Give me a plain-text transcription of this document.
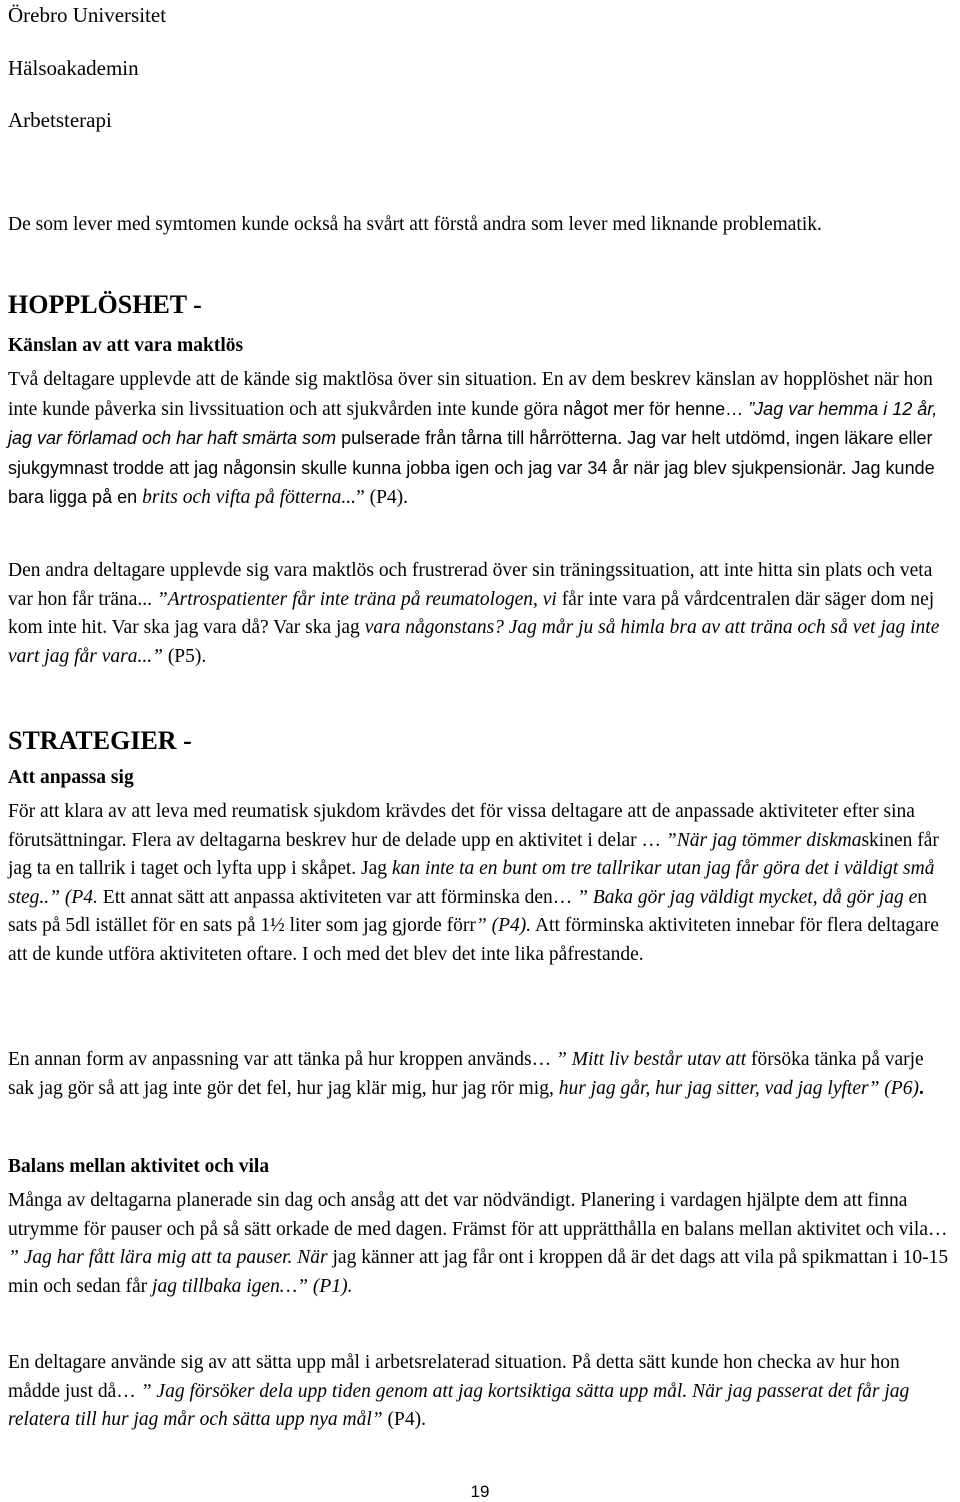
Örebro Universitet
Hälsoakademin
Arbetsterapi
De som lever med symtomen kunde också ha svårt att förstå andra som lever med liknande problematik.
HOPPLÖSHET -
Känslan av att vara maktlös
Två deltagare upplevde att de kände sig maktlösa över sin situation. En av dem beskrev känslan av hopplöshet när hon inte kunde påverka sin livssituation och att sjukvården inte kunde göra något mer för henne… ”Jag var hemma i 12 år, jag var förlamad och har haft smärta som pulserade från tårna till hårrötterna. Jag var helt utdömd, ingen läkare eller sjukgymnast trodde att jag någonsin skulle kunna jobba igen och jag var 34 år när jag blev sjukpensionär. Jag kunde bara ligga på en brits och vifta på fötterna...” (P4).
Den andra deltagare upplevde sig vara maktlös och frustrerad över sin träningssituation, att inte hitta sin plats och veta var hon får träna... ”Artrospatienter får inte träna på reumatologen, vi får inte vara på vårdcentralen där säger dom nej kom inte hit. Var ska jag vara då? Var ska jag vara någonstans? Jag mår ju så himla bra av att träna och så vet jag inte vart jag får vara...” (P5).
STRATEGIER -
Att anpassa sig
För att klara av att leva med reumatisk sjukdom krävdes det för vissa deltagare att de anpassade aktiviteter efter sina förutsättningar. Flera av deltagarna beskrev hur de delade upp en aktivitet i delar … ”När jag tömmer diskmaskinen får jag ta en tallrik i taget och lyfta upp i skåpet. Jag kan inte ta en bunt om tre tallrikar utan jag får göra det i väldigt små steg..” (P4. Ett annat sätt att anpassa aktiviteten var att förminska den… ” Baka gör jag väldigt mycket, då gör jag en sats på 5dl istället för en sats på 1½ liter som jag gjorde förr” (P4). Att förminska aktiviteten innebar för flera deltagare att de kunde utföra aktiviteten oftare. I och med det blev det inte lika påfrestande.
En annan form av anpassning var att tänka på hur kroppen används… ” Mitt liv består utav att försöka tänka på varje sak jag gör så att jag inte gör det fel, hur jag klär mig, hur jag rör mig, hur jag går, hur jag sitter, vad jag lyfter” (P6).
Balans mellan aktivitet och vila
Många av deltagarna planerade sin dag och ansåg att det var nödvändigt. Planering i vardagen hjälpte dem att finna utrymme för pauser och på så sätt orkade de med dagen. Främst för att upprätthålla en balans mellan aktivitet och vila… ” Jag har fått lära mig att ta pauser. När jag känner att jag får ont i kroppen då är det dags att vila på spikmattan i 10-15 min och sedan får jag tillbaka igen…” (P1).
En deltagare använde sig av att sätta upp mål i arbetsrelaterad situation. På detta sätt kunde hon checka av hur hon mådde just då… ” Jag försöker dela upp tiden genom att jag kortsiktiga sätta upp mål. När jag passerat det får jag relatera till hur jag mår och sätta upp nya mål” (P4).
19
